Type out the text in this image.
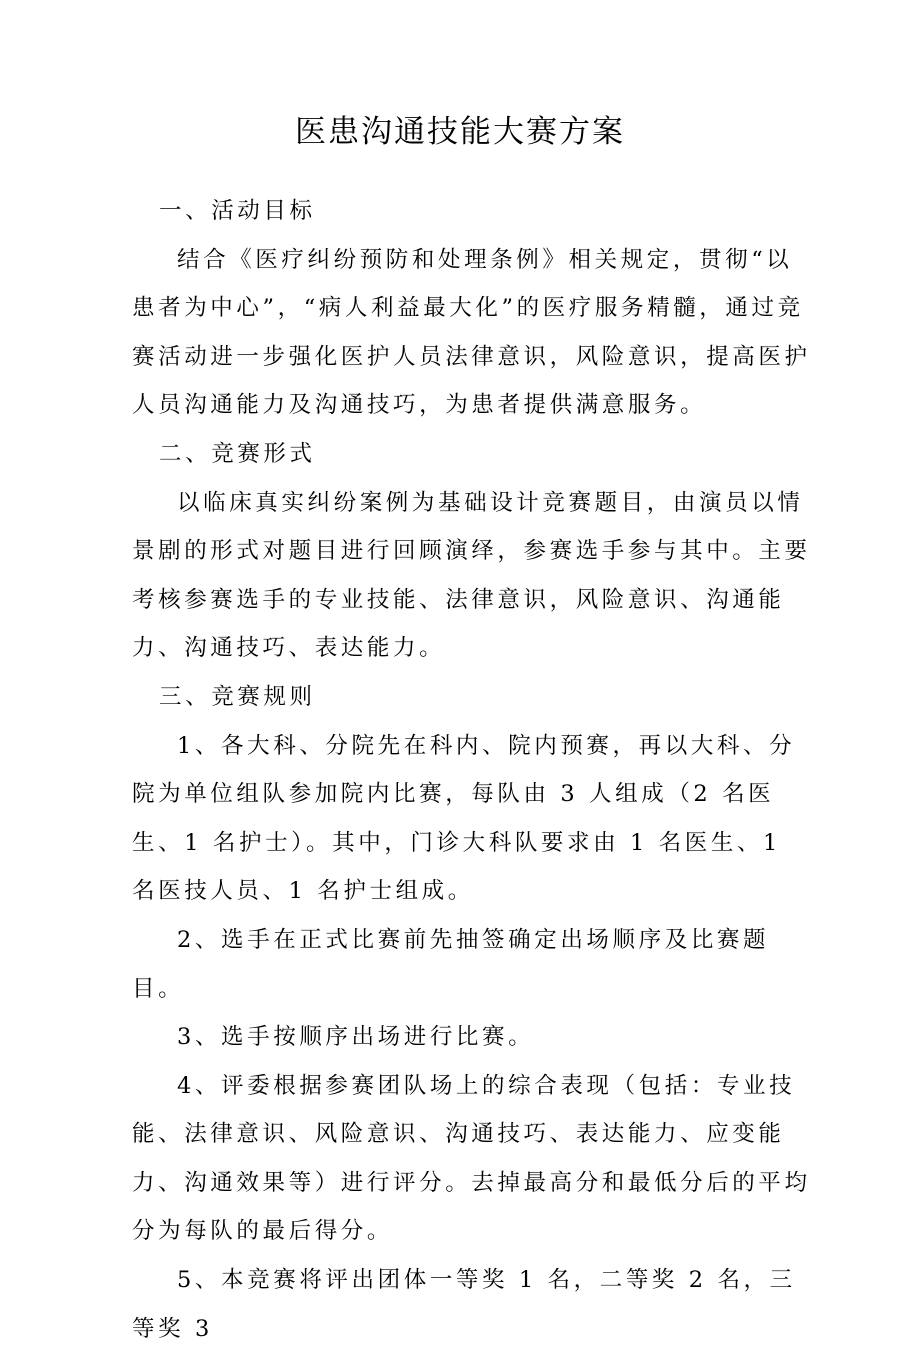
医患沟通技能大赛方案

一、活动目标

结合《医疗纠纷预防和处理条例》相关规定，贯彻“以患者为中心”，“病人利益最大化”的医疗服务精髓，通过竞赛活动进一步强化医护人员法律意识，风险意识，提高医护人员沟通能力及沟通技巧，为患者提供满意服务。

二、竞赛形式

以临床真实纠纷案例为基础设计竞赛题目，由演员以情景剧的形式对题目进行回顾演绎，参赛选手参与其中。主要考核参赛选手的专业技能、法律意识，风险意识、沟通能力、沟通技巧、表达能力。

三、竞赛规则

1、各大科、分院先在科内、院内预赛，再以大科、分院为单位组队参加院内比赛，每队由 3 人组成（2 名医生、1 名护士）。其中，门诊大科队要求由 1 名医生、1 名医技人员、1 名护士组成。

2、选手在正式比赛前先抽签确定出场顺序及比赛题目。

3、选手按顺序出场进行比赛。

4、评委根据参赛团队场上的综合表现（包括：专业技能、法律意识、风险意识、沟通技巧、表达能力、应变能力、沟通效果等）进行评分。去掉最高分和最低分后的平均分为每队的最后得分。

5、本竞赛将评出团体一等奖 1 名，二等奖 2 名，三等奖 3
